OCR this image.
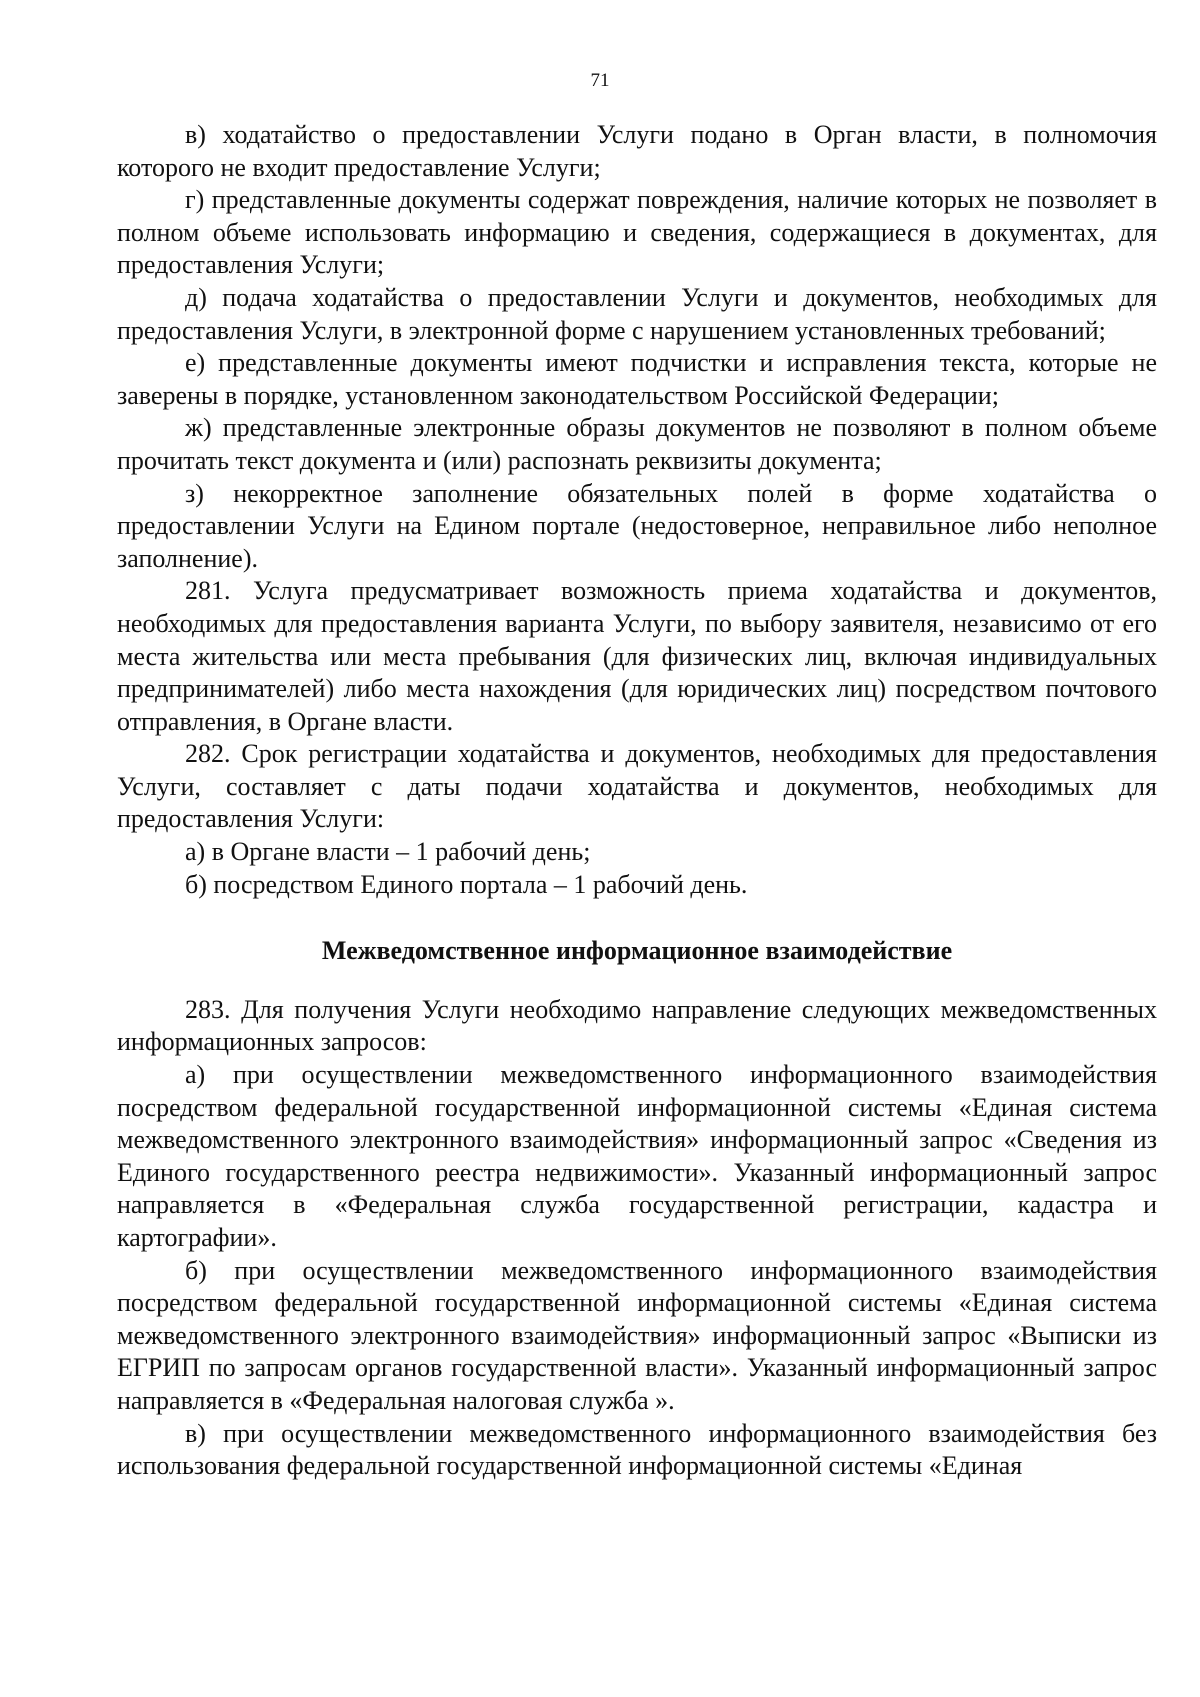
71

в) ходатайство о предоставлении Услуги подано в Орган власти, в полномочия которого не входит предоставление Услуги;

г) представленные документы содержат повреждения, наличие которых не позволяет в полном объеме использовать информацию и сведения, содержащиеся в документах, для предоставления Услуги;

д) подача ходатайства о предоставлении Услуги и документов, необходимых для предоставления Услуги, в электронной форме с нарушением установленных требований;

е) представленные документы имеют подчистки и исправления текста, которые не заверены в порядке, установленном законодательством Российской Федерации;

ж) представленные электронные образы документов не позволяют в полном объеме прочитать текст документа и (или) распознать реквизиты документа;

з) некорректное заполнение обязательных полей в форме ходатайства о предоставлении Услуги на Едином портале (недостоверное, неправильное либо неполное заполнение).

281. Услуга предусматривает возможность приема ходатайства и документов, необходимых для предоставления варианта Услуги, по выбору заявителя, независимо от его места жительства или места пребывания (для физических лиц, включая индивидуальных предпринимателей) либо места нахождения (для юридических лиц) посредством почтового отправления, в Органе власти.

282. Срок регистрации ходатайства и документов, необходимых для предоставления Услуги, составляет с даты подачи ходатайства и документов, необходимых для предоставления Услуги:

а) в Органе власти – 1 рабочий день;

б) посредством Единого портала – 1 рабочий день.

Межведомственное информационное взаимодействие

283. Для получения Услуги необходимо направление следующих межведомственных информационных запросов:

а) при осуществлении межведомственного информационного взаимодействия посредством федеральной государственной информационной системы «Единая система межведомственного электронного взаимодействия» информационный запрос «Сведения из Единого государственного реестра недвижимости». Указанный информационный запрос направляется в «Федеральная служба государственной регистрации, кадастра и картографии».

б) при осуществлении межведомственного информационного взаимодействия посредством федеральной государственной информационной системы «Единая система межведомственного электронного взаимодействия» информационный запрос «Выписки из ЕГРИП по запросам органов государственной власти». Указанный информационный запрос направляется в «Федеральная налоговая служба ».

в) при осуществлении межведомственного информационного взаимодействия без использования федеральной государственной информационной системы «Единая
